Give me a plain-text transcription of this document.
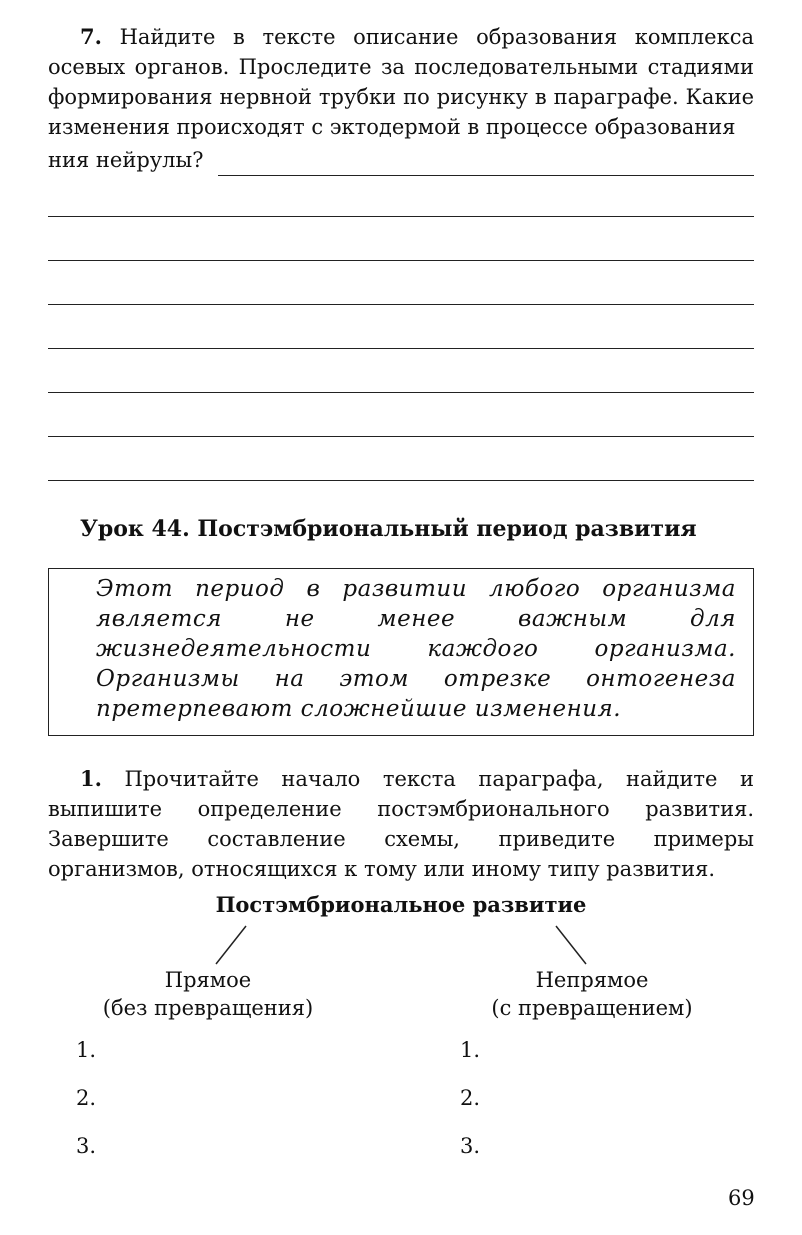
7. Найдите в тексте описание образования комплекса осевых органов. Проследите за последовательными стадиями формирования нервной трубки по рисунку в параграфе. Какие изменения происходят с эктодермой в процессе образования
ния нейрулы?
Урок 44. Постэмбриональный период развития
Этот период в развитии любого организма является не менее важным для жизнедеятельности каждого организма. Организмы на этом отрезке онтогенеза претерпевают сложнейшие изменения.
1. Прочитайте начало текста параграфа, найдите и выпишите определение постэмбрионального развития. Завершите составление схемы, приведите примеры организмов, относящихся к тому или иному типу развития.
Постэмбриональное развитие
Прямое
(без превращения)
Непрямое
(с превращением)
1.
2.
3.
1.
2.
3.
69
